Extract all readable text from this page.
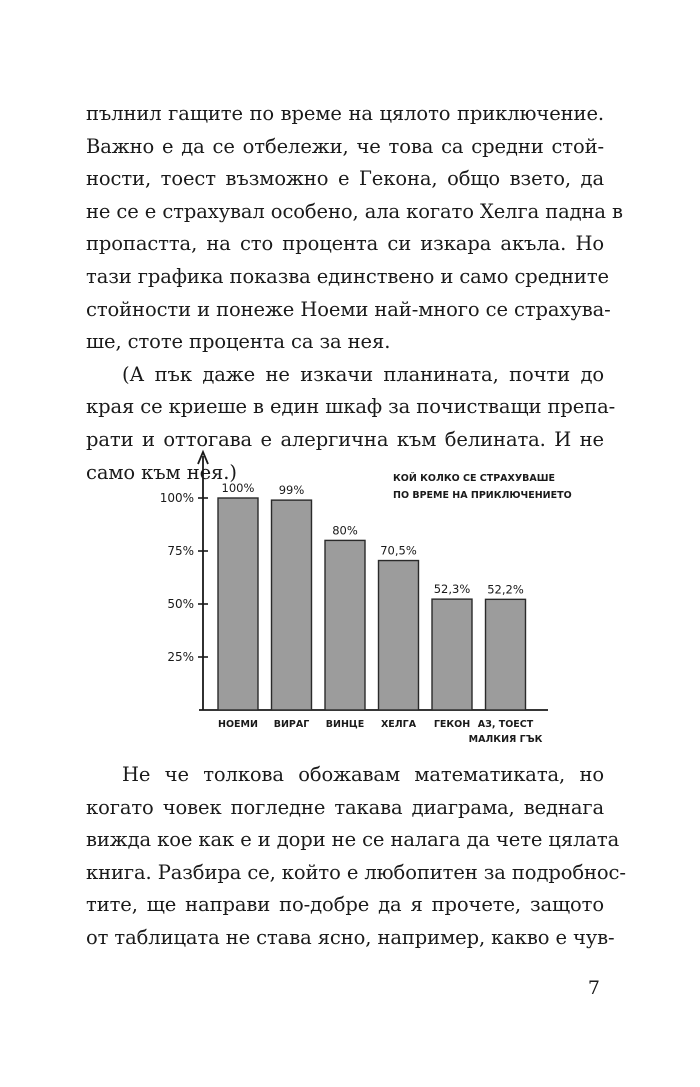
пълнил гащите по време на цялото приключение.
Важно е да се отбележи, че това са средни стой-
ности, тоест възможно е Гекона, общо взето, да
не се е страхувал особено, ала когато Хелга падна в
пропастта, на сто процента си изкара акъла. Но
тази графика показва единствено и само средните
стойности и понеже Ноеми най-много се страхува-
ше, стоте процента са за нея.

(А пък даже не изкачи планината, почти до
края се криеше в един шкаф за почистващи препа-
рати и оттогава е алергична към белината. И не
само към нея.)	КОЙ КОЛКО СЕ СТРАХУВАШЕ
ПО ВРЕМЕ НА ПРИКЛЮЧЕНИЕТО
25%
50%
75%
100%
100%
НОЕМИ
99%
ВИРАГ
80%
ВИНЦЕ
70,5%
ХЕЛГА
52,3%
ГЕКОН
52,2%
АЗ, ТОЕСТ
МАЛКИЯ ГЪК

Не че толкова обожавам математиката, но
когато човек погледне такава диаграма, веднага
вижда кое как е и дори не се налага да чете цялата
книга. Разбира се, който е любопитен за подробнос-
тите, ще направи по-добре да я прочете, защото
от таблицата не става ясно, например, какво е чув-

7
